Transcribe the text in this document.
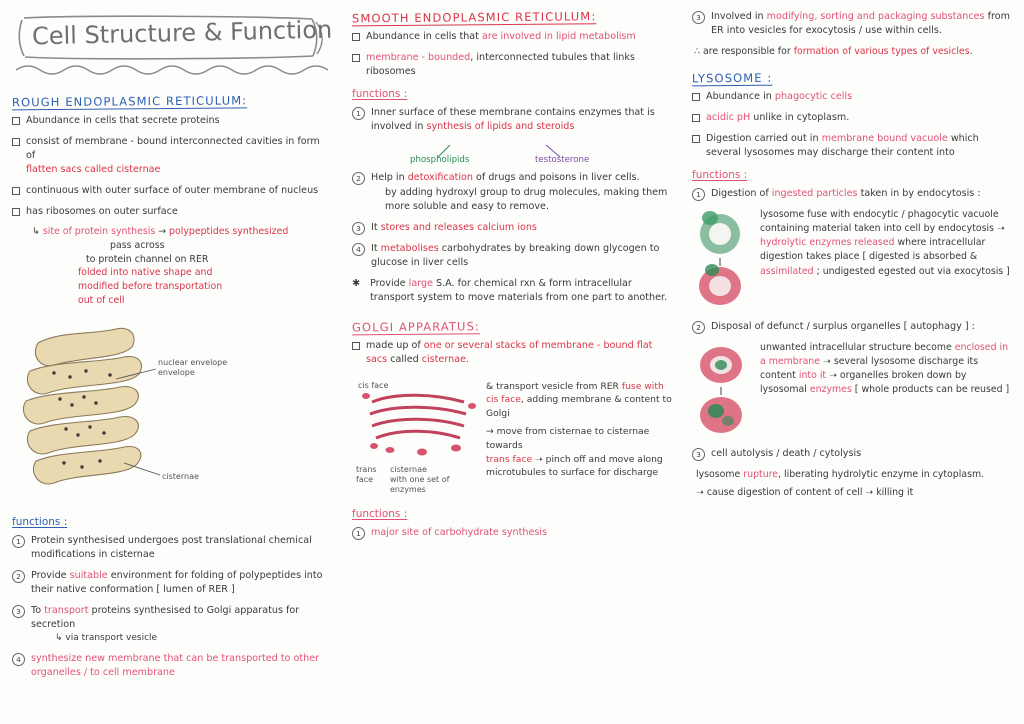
Cell Structure & Function
ROUGH ENDOPLASMIC RETICULUM:
Abundance in cells that secrete proteins
consist of membrane - bound interconnected cavities in form of
flatten sacs called cisternae
continuous with outer surface of outer membrane of nucleus
has ribosomes on outer surface
↳ site of protein synthesis → polypeptides synthesized
pass across
to protein channel on RER
folded into native shape and modified before transportation out of cell
nuclear envelope
envelope
cisternae
functions :
1	Protein synthesised undergoes post translational chemical modifications in cisternae
2	Provide suitable environment for folding of polypeptides into their native conformation [ lumen of RER ]
3	To transport proteins synthesised to Golgi apparatus for secretion
↳ via transport vesicle
4	synthesize new membrane that can be transported to other organelles / to cell membrane
SMOOTH ENDOPLASMIC RETICULUM:
Abundance in cells that are involved in lipid metabolism
membrane - bounded, interconnected tubules that links ribosomes
functions :
1	Inner surface of these membrane contains enzymes that is involved in synthesis of lipids and steroids
phospholipids	testosterone
2	Help in detoxification of drugs and poisons in liver cells.
by adding hydroxyl group to drug molecules, making them more soluble and easy to remove.
3	It stores and releases calcium ions
4	It metabolises carbohydrates by breaking down glycogen to glucose in liver cells
✱ Provide large S.A. for chemical rxn & form intracellular transport system to move materials from one part to another.
GOLGI APPARATUS:
made up of one or several stacks of membrane - bound flat sacs called cisternae.
cis face
trans
face
cisternae
with one set of
enzymes
& transport vesicle from RER fuse with cis face, adding membrane & content to Golgi
→ move from cisternae to cisternae towards
trans face ➝ pinch off and move along
microtubules to surface for discharge
functions :
1	major site of carbohydrate synthesis
3	Involved in modifying, sorting and packaging substances from ER into vesicles for exocytosis / use within cells.
∴ are responsible for formation of various types of vesicles.
LYSOSOME :
Abundance in phagocytic cells
acidic pH unlike in cytoplasm.
Digestion carried out in membrane bound vacuole which several lysosomes may discharge their content into
functions :
1	Digestion of ingested particles taken in by endocytosis :
lysosome fuse with endocytic / phagocytic vacuole containing material taken into cell by endocytosis ➝ hydrolytic enzymes released where intracellular digestion takes place [ digested is absorbed & assimilated ; undigested egested out via exocytosis ]
2	Disposal of defunct / surplus organelles [ autophagy ] :
unwanted intracellular structure become enclosed in a membrane ➝ several lysosome discharge its content into it ➝ organelles broken down by lysosomal enzymes [ whole products can be reused ]
3	cell autolysis / death / cytolysis
lysosome rupture, liberating hydrolytic enzyme in cytoplasm.
➝ cause digestion of content of cell ➝ killing it
